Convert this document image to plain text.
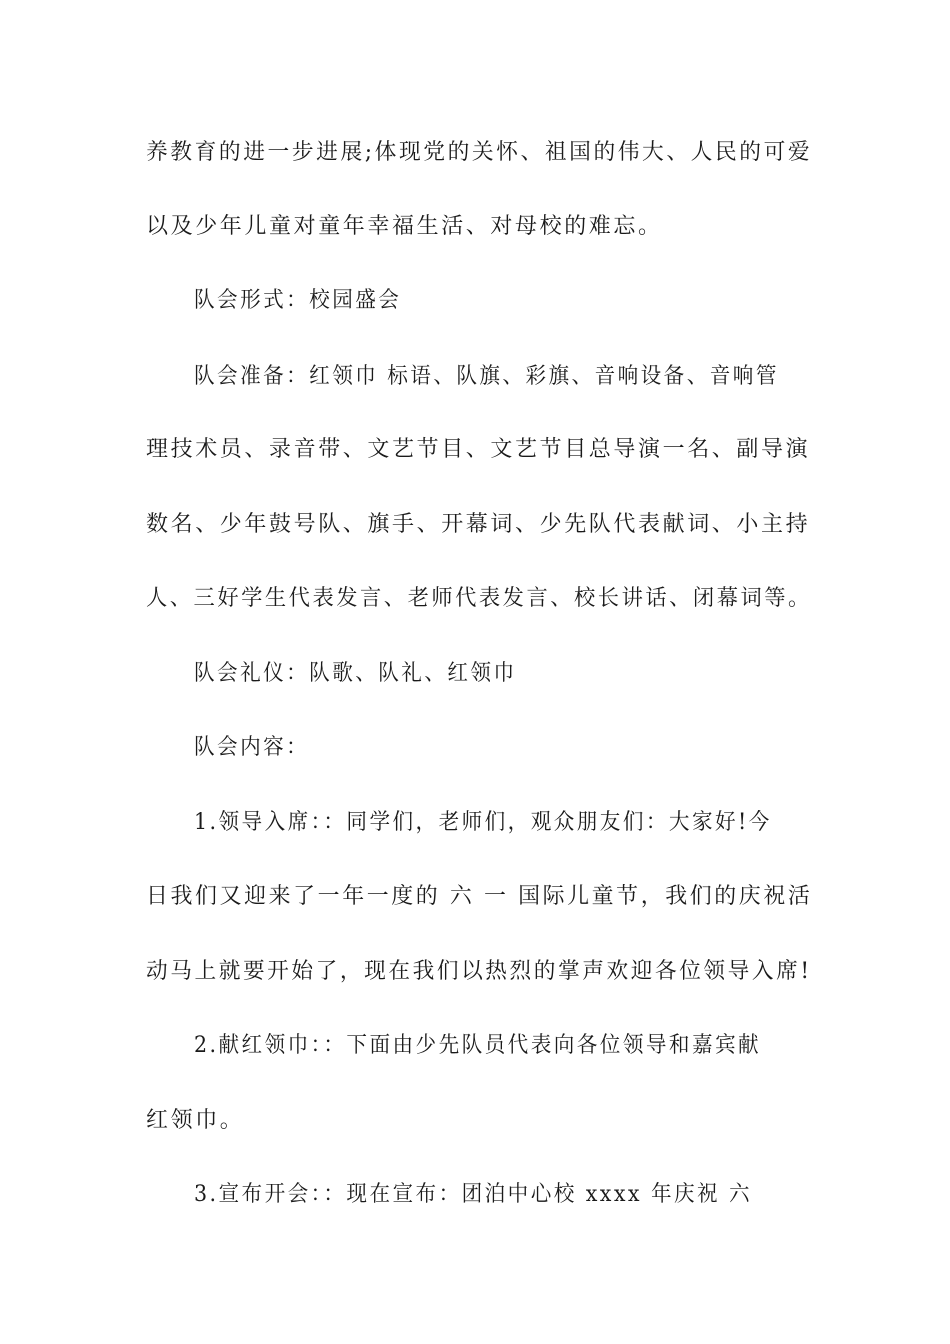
养教育的进一步进展;体现党的关怀、祖国的伟大、人民的可爱
以及少年儿童对童年幸福生活、对母校的难忘。
队会形式：校园盛会
队会准备：红领巾 标语、队旗、彩旗、音响设备、音响管
理技术员、录音带、文艺节目、文艺节目总导演一名、副导演
数名、少年鼓号队、旗手、开幕词、少先队代表献词、小主持
人、三好学生代表发言、老师代表发言、校长讲话、闭幕词等。
队会礼仪：队歌、队礼、红领巾
队会内容：
1.领导入席：：同学们，老师们，观众朋友们：大家好!今
日我们又迎来了一年一度的 六 一 国际儿童节，我们的庆祝活
动马上就要开始了，现在我们以热烈的掌声欢迎各位领导入席!
2.献红领巾：：下面由少先队员代表向各位领导和嘉宾献
红领巾。
3.宣布开会：：现在宣布：团泊中心校 xxxx 年庆祝 六
